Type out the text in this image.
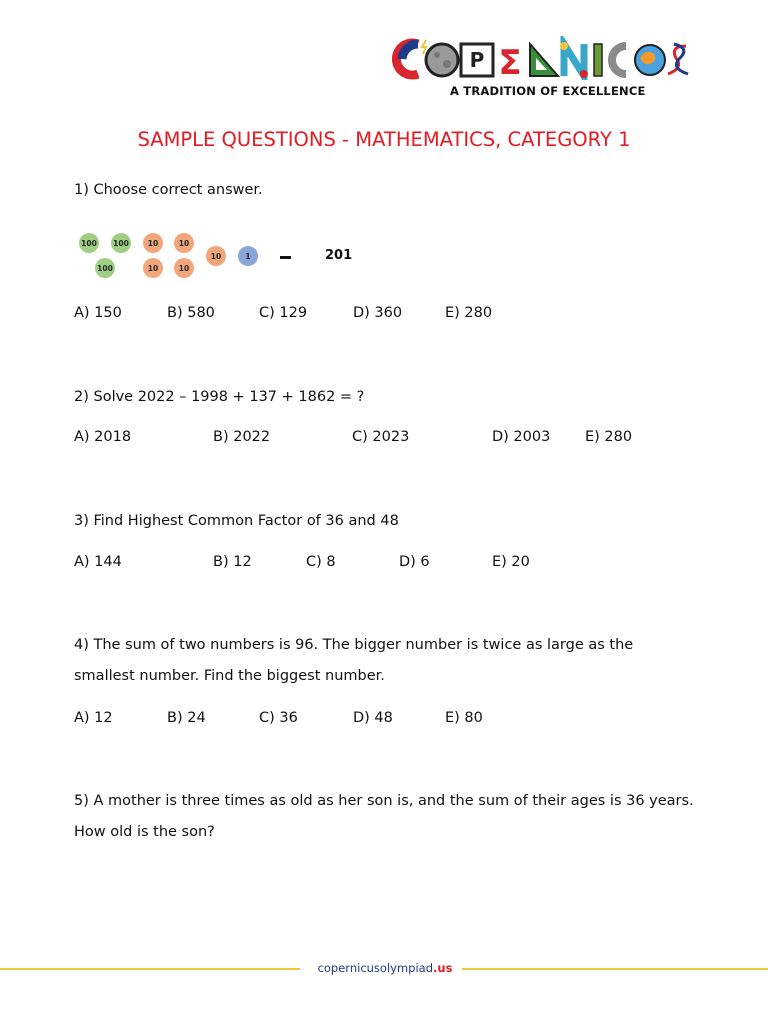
P Σ
A TRADITION OF EXCELLENCE
SAMPLE QUESTIONS - MATHEMATICS, CATEGORY 1
1) Choose correct answer.
100 100
100
10	10
10	10
10	1	201
A) 150	B) 580	C) 129	D) 360	E) 280
2) Solve 2022 – 1998 + 137 + 1862 = ?
A) 2018	B) 2022	C) 2023	D) 2003 E) 280
3) Find Highest Common Factor of 36 and 48
A) 144	B) 12	C) 8	D) 6	E) 20
4) The sum of two numbers is 96. The bigger number is twice as large as the
smallest number. Find the biggest number.
A) 12	B) 24	C) 36	D) 48	E) 80
5) A mother is three times as old as her son is, and the sum of their ages is 36 years.
How old is the son?
copernicusolympiad.us
